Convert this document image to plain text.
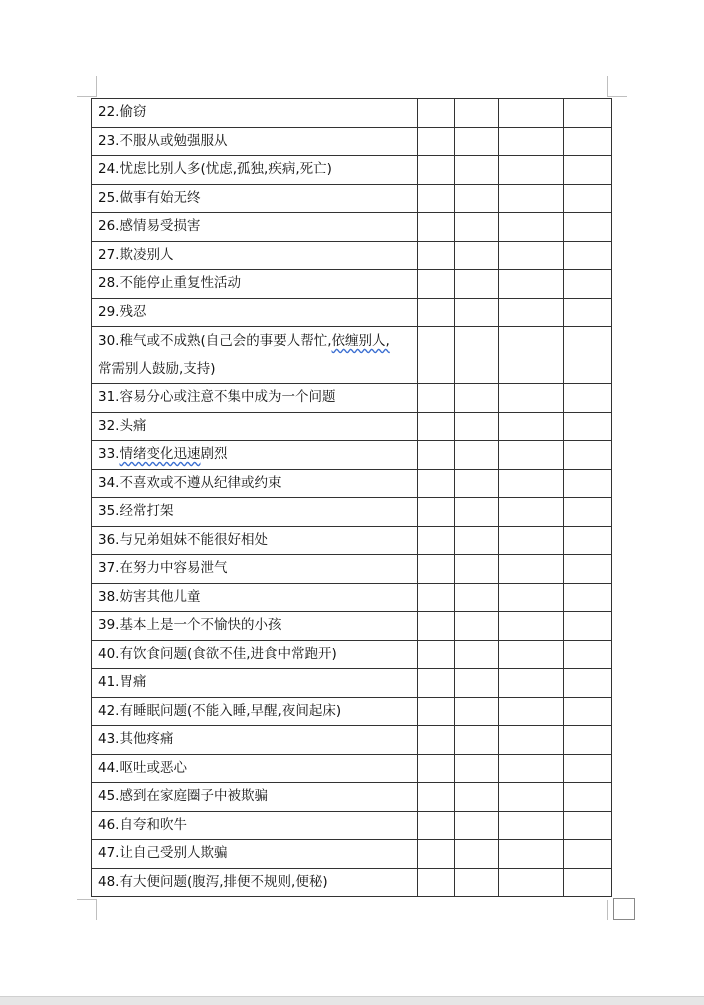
22.偷窃				
23.不服从或勉强服从				
24.忧虑比别人多(忧虑,孤独,疾病,死亡)				
25.做事有始无终				
26.感情易受损害				
27.欺凌别人				
28.不能停止重复性活动				
29.残忍				
30.稚气或不成熟(自己会的事要人帮忙,依缠别人,
常需别人鼓励,支持)				
31.容易分心或注意不集中成为一个问题				
32.头痛				
33.情绪变化迅速剧烈				
34.不喜欢或不遵从纪律或约束				
35.经常打架				
36.与兄弟姐妹不能很好相处				
37.在努力中容易泄气				
38.妨害其他儿童				
39.基本上是一个不愉快的小孩				
40.有饮食问题(食欲不佳,进食中常跑开)				
41.胃痛				
42.有睡眠问题(不能入睡,早醒,夜间起床)				
43.其他疼痛				
44.呕吐或恶心				
45.感到在家庭圈子中被欺骗				
46.自夸和吹牛				
47.让自己受别人欺骗				
48.有大便问题(腹泻,排便不规则,便秘)				
